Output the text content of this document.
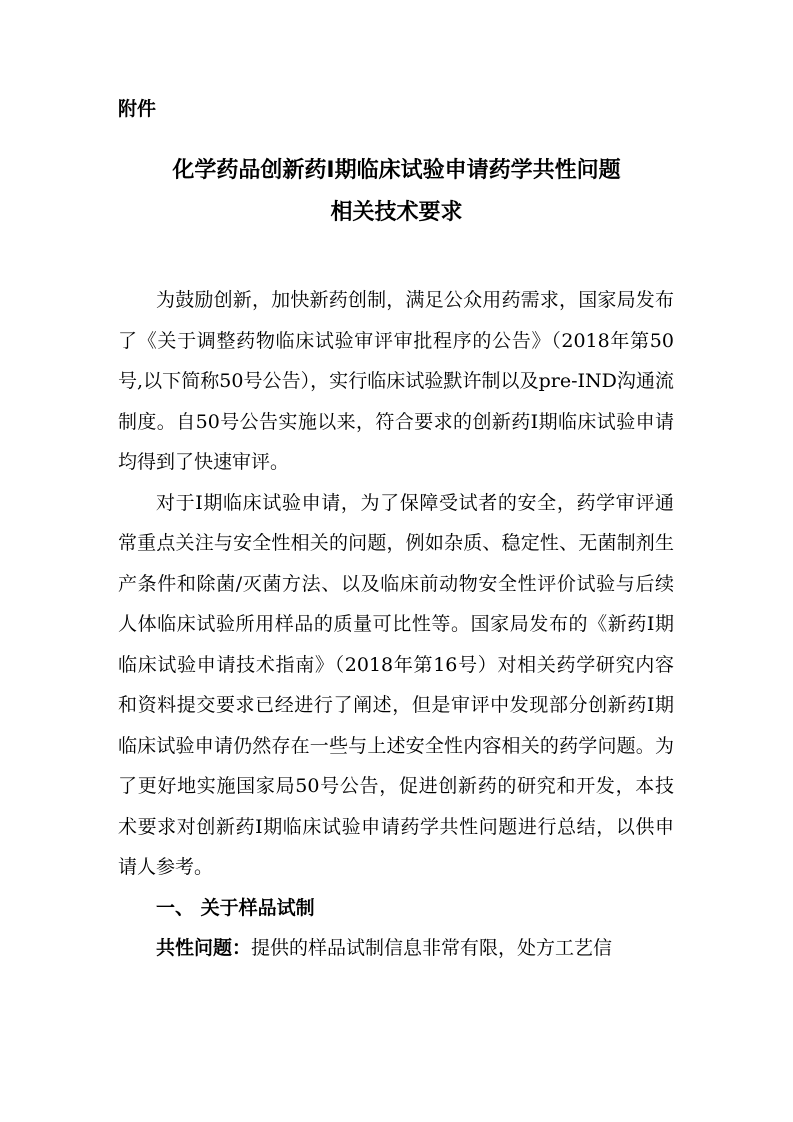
附件
化学药品创新药Ⅰ期临床试验申请药学共性问题
相关技术要求

为鼓励创新，加快新药创制，满足公众用药需求，国家局发布了《关于调整药物临床试验审评审批程序的公告》（2018年第50号,以下简称50号公告），实行临床试验默许制以及pre-IND沟通流制度。自50号公告实施以来，符合要求的创新药Ⅰ期临床试验申请均得到了快速审评。

对于Ⅰ期临床试验申请，为了保障受试者的安全，药学审评通常重点关注与安全性相关的问题，例如杂质、稳定性、无菌制剂生产条件和除菌/灭菌方法、以及临床前动物安全性评价试验与后续人体临床试验所用样品的质量可比性等。国家局发布的《新药Ⅰ期临床试验申请技术指南》（2018年第16号）对相关药学研究内容和资料提交要求已经进行了阐述，但是审评中发现部分创新药Ⅰ期临床试验申请仍然存在一些与上述安全性内容相关的药学问题。为了更好地实施国家局50号公告，促进创新药的研究和开发，本技术要求对创新药Ⅰ期临床试验申请药学共性问题进行总结，以供申请人参考。

一、 关于样品试制

共性问题：提供的样品试制信息非常有限，处方工艺信
